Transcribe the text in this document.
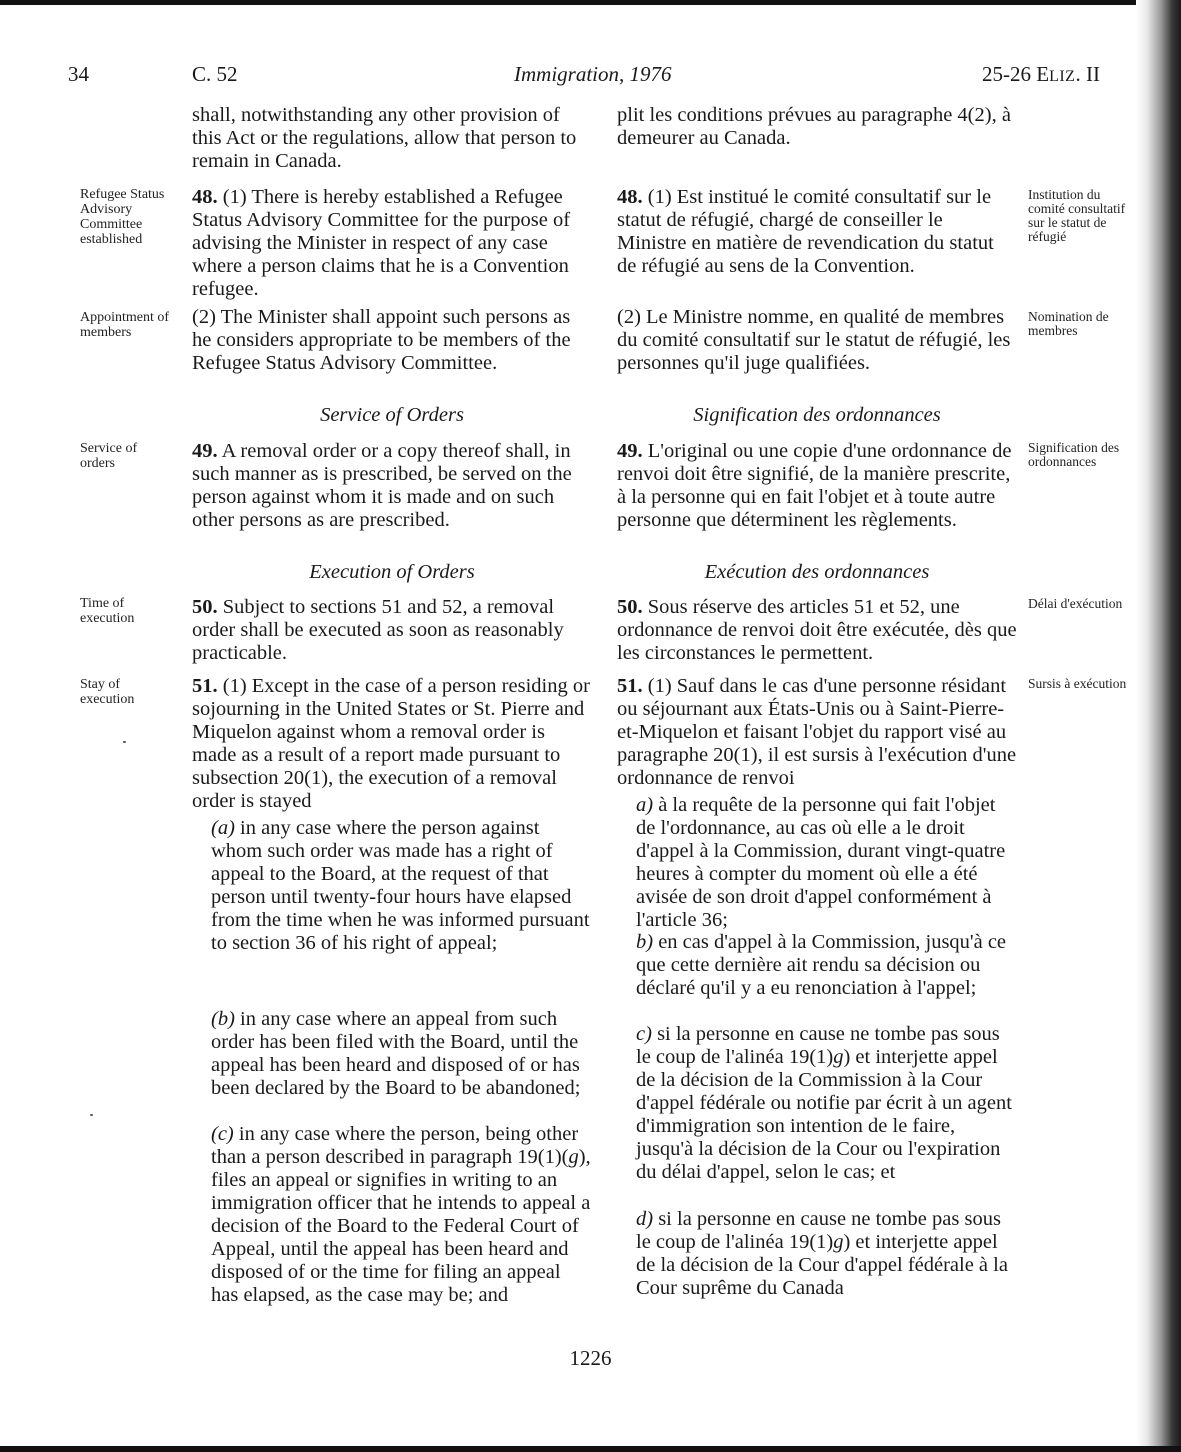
34	C. 52	Immigration, 1976	25-26 ELIZ. II
Refugee Status Advisory Committee established
Appointment of members
Service of orders
Time of execution
Stay of execution
Institution du comité consultatif sur le statut de réfugié
Nomination de membres
Signification des ordonnances
Délai d'exécution
Sursis à exécution

shall, notwithstanding any other provision of this Act or the regulations, allow that person to remain in Canada.

48. (1) There is hereby established a Refugee Status Advisory Committee for the purpose of advising the Minister in respect of any case where a person claims that he is a Convention refugee.

(2) The Minister shall appoint such persons as he considers appropriate to be members of the Refugee Status Advisory Committee.

Service of Orders

49. A removal order or a copy thereof shall, in such manner as is prescribed, be served on the person against whom it is made and on such other persons as are prescribed.

Execution of Orders

50. Subject to sections 51 and 52, a removal order shall be executed as soon as reasonably practicable.

51. (1) Except in the case of a person residing or sojourning in the United States or St. Pierre and Miquelon against whom a removal order is made as a result of a report made pursuant to subsection 20(1), the execution of a removal order is stayed

(a) in any case where the person against whom such order was made has a right of appeal to the Board, at the request of that person until twenty-four hours have elapsed from the time when he was informed pursuant to section 36 of his right of appeal;

(b) in any case where an appeal from such order has been filed with the Board, until the appeal has been heard and disposed of or has been declared by the Board to be abandoned;

(c) in any case where the person, being other than a person described in paragraph 19(1)(g), files an appeal or signifies in writing to an immigration officer that he intends to appeal a decision of the Board to the Federal Court of Appeal, until the appeal has been heard and disposed of or the time for filing an appeal has elapsed, as the case may be; and

plit les conditions prévues au paragraphe 4(2), à demeurer au Canada.

48. (1) Est institué le comité consultatif sur le statut de réfugié, chargé de conseiller le Ministre en matière de revendication du statut de réfugié au sens de la Convention.

(2) Le Ministre nomme, en qualité de membres du comité consultatif sur le statut de réfugié, les personnes qu'il juge qualifiées.

Signification des ordonnances

49. L'original ou une copie d'une ordonnance de renvoi doit être signifié, de la manière prescrite, à la personne qui en fait l'objet et à toute autre personne que déterminent les règlements.

Exécution des ordonnances

50. Sous réserve des articles 51 et 52, une ordonnance de renvoi doit être exécutée, dès que les circonstances le permettent.

51. (1) Sauf dans le cas d'une personne résidant ou séjournant aux États-Unis ou à Saint-Pierre-et-Miquelon et faisant l'objet du rapport visé au paragraphe 20(1), il est sursis à l'exécution d'une ordonnance de renvoi

a) à la requête de la personne qui fait l'objet de l'ordonnance, au cas où elle a le droit d'appel à la Commission, durant vingt-quatre heures à compter du moment où elle a été avisée de son droit d'appel conformément à l'article 36;

b) en cas d'appel à la Commission, jusqu'à ce que cette dernière ait rendu sa décision ou déclaré qu'il y a eu renonciation à l'appel;

c) si la personne en cause ne tombe pas sous le coup de l'alinéa 19(1)g) et interjette appel de la décision de la Commission à la Cour d'appel fédérale ou notifie par écrit à un agent d'immigration son intention de le faire, jusqu'à la décision de la Cour ou l'expiration du délai d'appel, selon le cas; et

d) si la personne en cause ne tombe pas sous le coup de l'alinéa 19(1)g) et interjette appel de la décision de la Cour d'appel fédérale à la Cour suprême du Canada

1226
